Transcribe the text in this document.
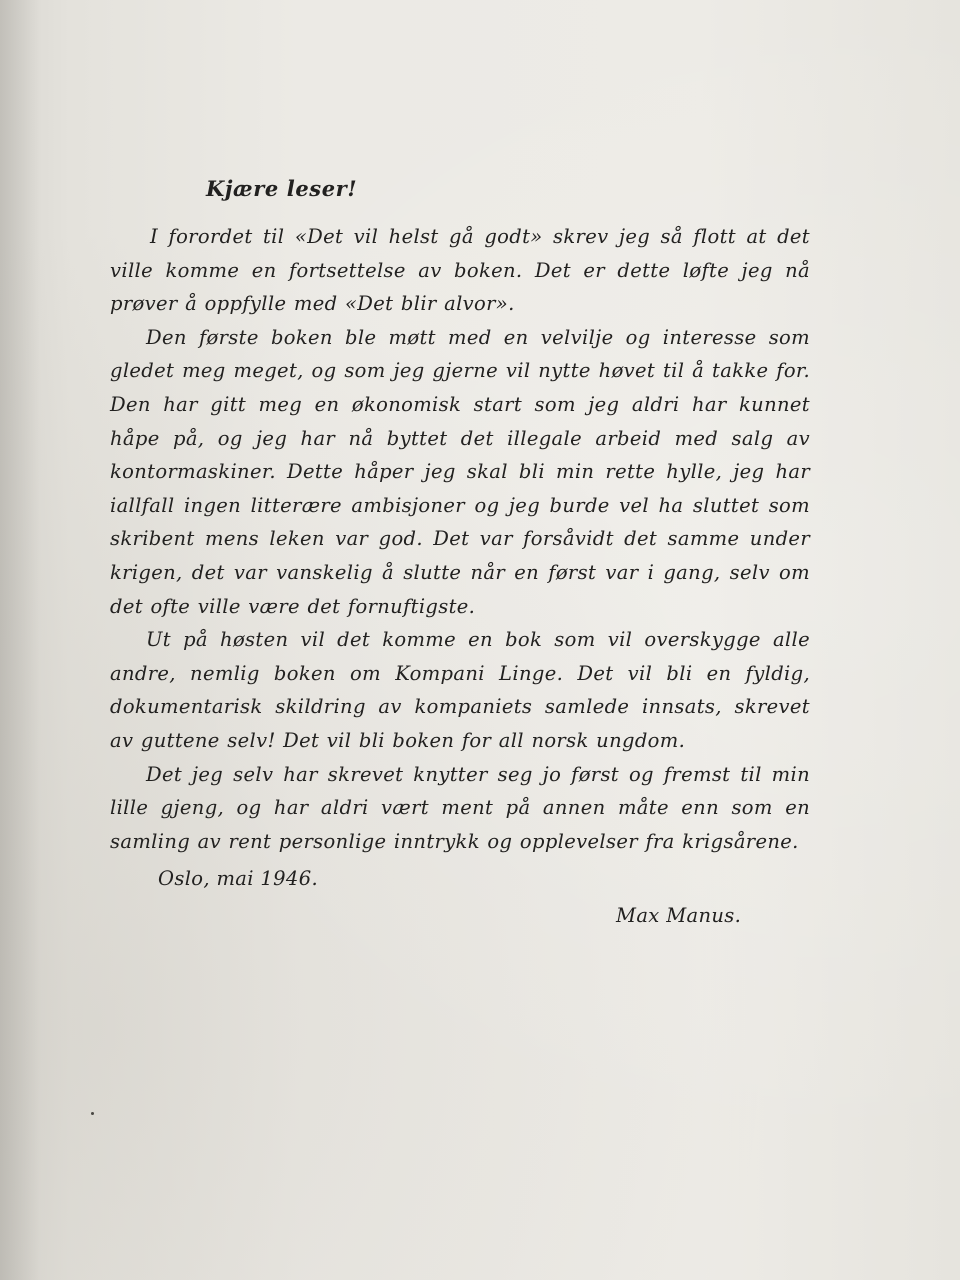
Kjære leser!

I forordet til «Det vil helst gå godt» skrev jeg så flott at det ville komme en fortsettelse av boken. Det er dette løfte jeg nå prøver å oppfylle med «Det blir alvor».

Den første boken ble møtt med en velvilje og interesse som gledet meg meget, og som jeg gjerne vil nytte høvet til å takke for. Den har gitt meg en økonomisk start som jeg aldri har kunnet håpe på, og jeg har nå byttet det illegale arbeid med salg av kontormaskiner. Dette håper jeg skal bli min rette hylle, jeg har iallfall ingen litterære ambisjoner og jeg burde vel ha sluttet som skribent mens leken var god. Det var forsåvidt det samme under krigen, det var vanskelig å slutte når en først var i gang, selv om det ofte ville være det fornuftigste.

Ut på høsten vil det komme en bok som vil overskygge alle andre, nemlig boken om Kompani Linge. Det vil bli en fyldig, dokumentarisk skildring av kompaniets samlede innsats, skrevet av guttene selv! Det vil bli boken for all norsk ungdom.

Det jeg selv har skrevet knytter seg jo først og fremst til min lille gjeng, og har aldri vært ment på annen måte enn som en samling av rent personlige inntrykk og opplevelser fra krigsårene.

Oslo, mai 1946.
Max Manus.
